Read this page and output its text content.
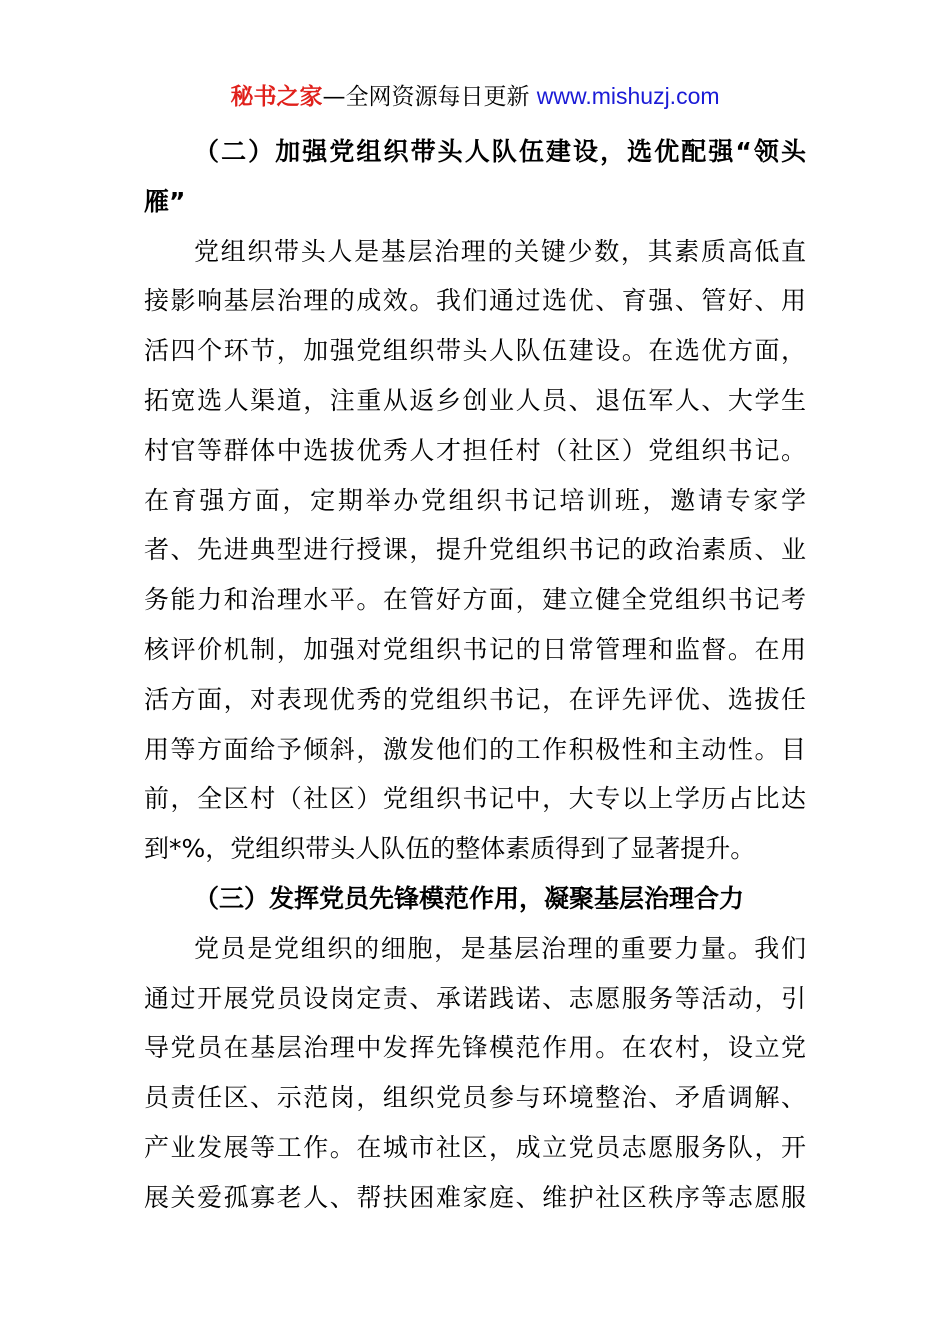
秘书之家—全网资源每日更新 www.mishuzj.com
（二）加强党组织带头人队伍建设，选优配强“领头
雁”
党组织带头人是基层治理的关键少数，其素质高低直
接影响基层治理的成效。我们通过选优、育强、管好、用
活四个环节，加强党组织带头人队伍建设。在选优方面，
拓宽选人渠道，注重从返乡创业人员、退伍军人、大学生
村官等群体中选拔优秀人才担任村（社区）党组织书记。
在育强方面，定期举办党组织书记培训班，邀请专家学
者、先进典型进行授课，提升党组织书记的政治素质、业
务能力和治理水平。在管好方面，建立健全党组织书记考
核评价机制，加强对党组织书记的日常管理和监督。在用
活方面，对表现优秀的党组织书记，在评先评优、选拔任
用等方面给予倾斜，激发他们的工作积极性和主动性。目
前，全区村（社区）党组织书记中，大专以上学历占比达
到*%，党组织带头人队伍的整体素质得到了显著提升。
（三）发挥党员先锋模范作用，凝聚基层治理合力
党员是党组织的细胞，是基层治理的重要力量。我们
通过开展党员设岗定责、承诺践诺、志愿服务等活动，引
导党员在基层治理中发挥先锋模范作用。在农村，设立党
员责任区、示范岗，组织党员参与环境整治、矛盾调解、
产业发展等工作。在城市社区，成立党员志愿服务队，开
展关爱孤寡老人、帮扶困难家庭、维护社区秩序等志愿服
